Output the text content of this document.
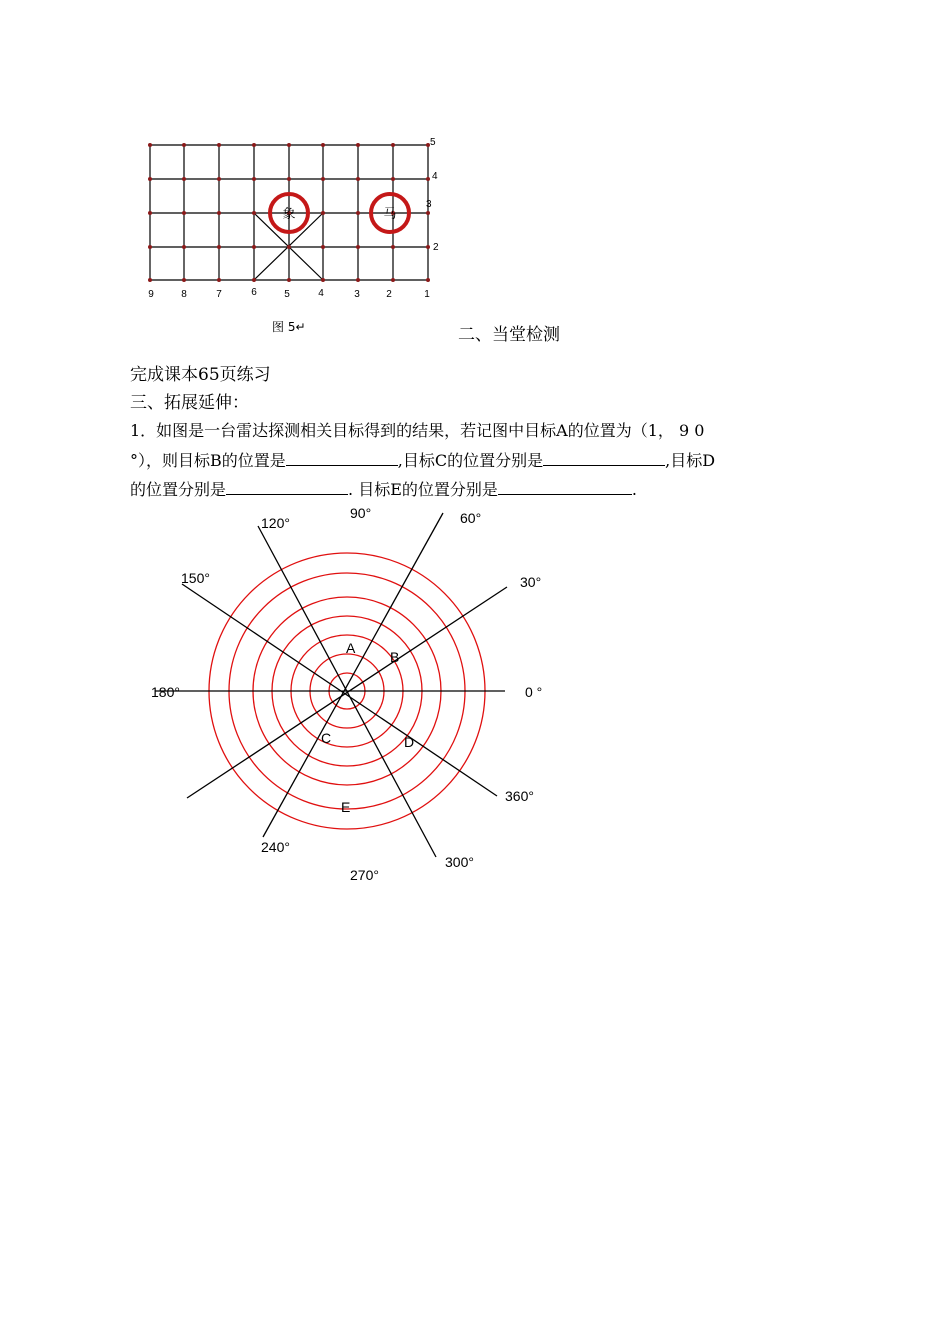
象	马
9	8	7	6	5	4	3	2	1
5
4
3
2
图 5↵	二、当堂检测
完成课本65页练习
三、拓展延伸：
1．如图是一台雷达探测相关目标得到的结果，若记图中目标A的位置为（1， 9 0
°），则目标B的位置是	,目标C的位置分别是	,目标D
的位置分别是	. 目标E的位置分别是	.
0 °
30°
60°
90°
120°
150°
180°
240°
270°
300°
360°
A
B
C	D
E
